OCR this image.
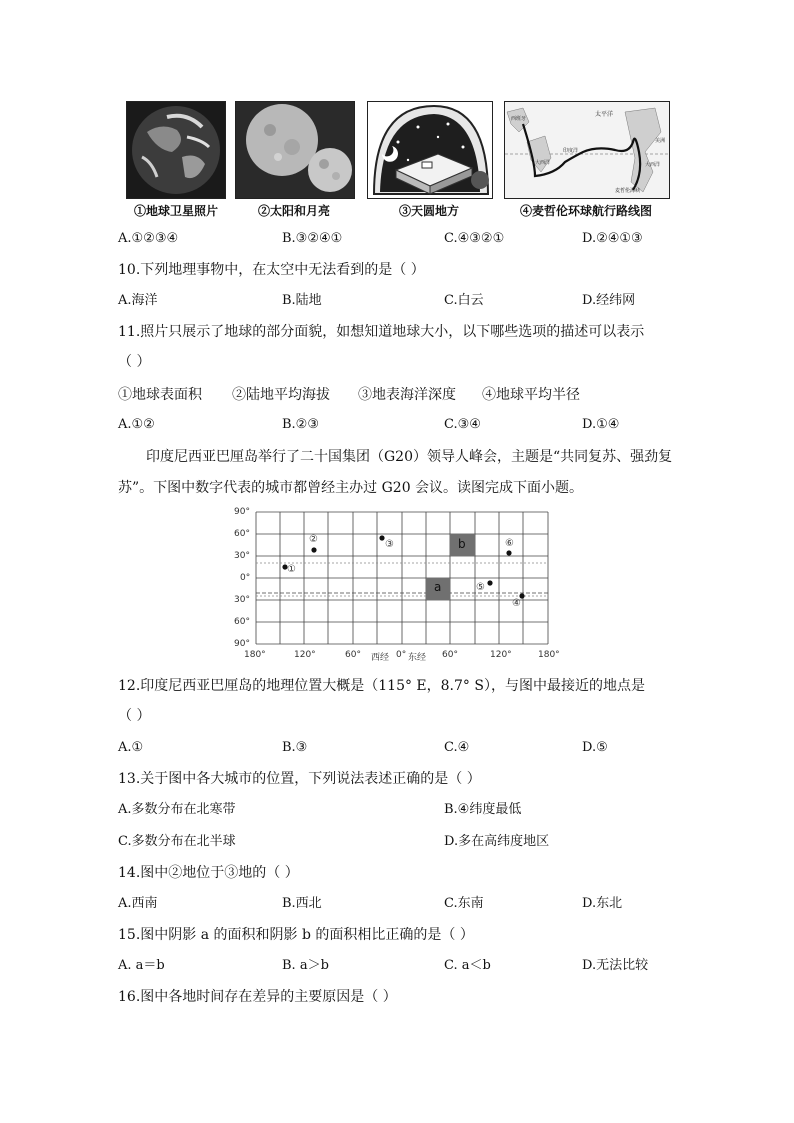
①地球卫星照片	②太阳和月亮	③天圆地方
西班牙
太平洋
大西洋
印度洋
大西洋
麦哲伦海峡
美洲
④麦哲伦环球航行路线图
A.①②③④	B.③②④①	C.④③②①	D.②④①③
10.下列地理事物中，在太空中无法看到的是（ ）
A.海洋	B.陆地	C.白云	D.经纬网
11.照片只展示了地球的部分面貌，如想知道地球大小，以下哪些选项的描述可以表示
（ ）
①地球表面积 ②陆地平均海拔 ③地表海洋深度 ④地球平均半径
A.①②	B.②③	C.③④	D.①④
印度尼西亚巴厘岛举行了二十国集团（G20）领导人峰会，主题是“共同复苏、强劲复
苏”。下图中数字代表的城市都曾经主办过 G20 会议。读图完成下面小题。
①
②	③
④
⑤
⑥
a
b
90°
60°
30°
0°
30°
60°
90°
180°	120°	60° 西经 0° 东经 60°	120°	180°
12.印度尼西亚巴厘岛的地理位置大概是（115° E，8.7° S），与图中最接近的地点是
（ ）
A.①	B.③	C.④	D.⑤
13.关于图中各大城市的位置，下列说法表述正确的是（ ）
A.多数分布在北寒带	B.④纬度最低
C.多数分布在北半球	D.多在高纬度地区
14.图中②地位于③地的（ ）
A.西南	B.西北	C.东南	D.东北
15.图中阴影 a 的面积和阴影 b 的面积相比正确的是（ ）
A. a＝b	B. a＞b	C. a＜b	D.无法比较
16.图中各地时间存在差异的主要原因是（ ）
